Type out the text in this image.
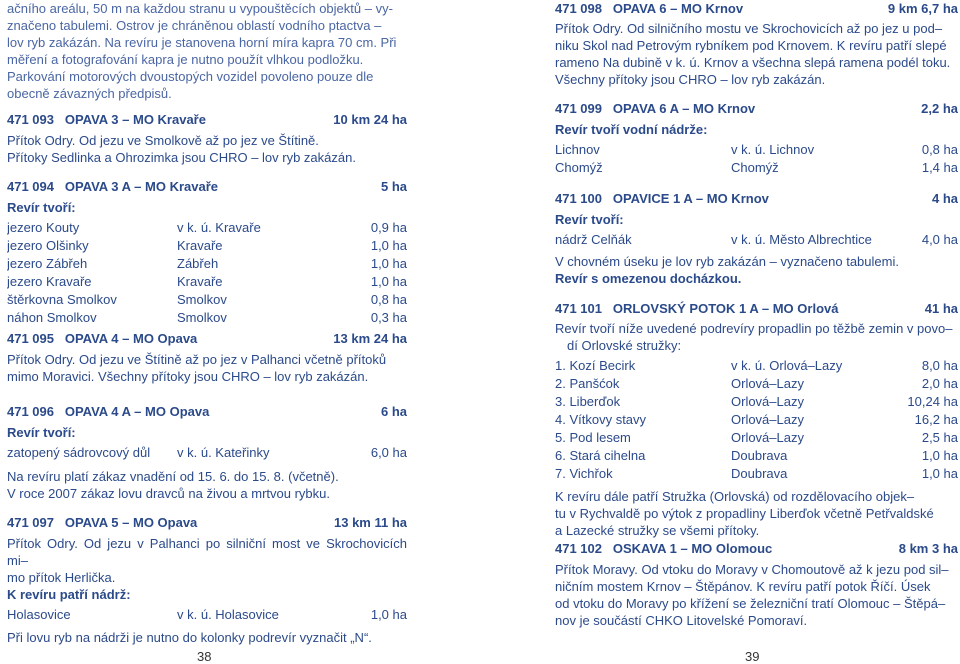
ačního areálu, 50 m na každou stranu u vypouštěcích objektů – vy-

značeno tabulemi. Ostrov je chráněnou oblastí vodního ptactva –

lov ryb zakázán. Na revíru je stanovena horní míra kapra 70 cm. Při

měření a fotografování kapra je nutno použít vlhkou podložku.

Parkování motorových dvoustopých vozidel povoleno pouze dle

obecně závazných předpisů.

471 093 OPAVA 3 – MO Kravaře	10 km 24 ha

Přítok Odry. Od jezu ve Smolkově až po jez ve Štítině.

Přítoky Sedlinka a Ohrozimka jsou CHRO – lov ryb zakázán.

471 094 OPAVA 3 A – MO Kravaře	5 ha

Revír tvoří:

jezero Kouty	v k. ú. Kravaře	0,9 ha
jezero Olšinky	Kravaře	1,0 ha
jezero Zábřeh	Zábřeh	1,0 ha
jezero Kravaře	Kravaře	1,0 ha
štěrkovna Smolkov	Smolkov	0,8 ha
náhon Smolkov	Smolkov	0,3 ha
471 095 OPAVA 4 – MO Opava	13 km 24 ha

Přítok Odry. Od jezu ve Štítině až po jez v Palhanci včetně přítoků

mimo Moravici. Všechny přítoky jsou CHRO – lov ryb zakázán.

471 096 OPAVA 4 A – MO Opava	6 ha

Revír tvoří:

zatopený sádrovcový důl	v k. ú. Kateřinky	6,0 ha

Na revíru platí zákaz vnadění od 15. 6. do 15. 8. (včetně).

V roce 2007 zákaz lovu dravců na živou a mrtvou rybku.

471 097 OPAVA 5 – MO Opava	13 km 11 ha

Přítok Odry. Od jezu v Palhanci po silniční most ve Skrochovicích mi–

mo přítok Herlička.

K revíru patří nádrž:

Holasovice	v k. ú. Holasovice	1,0 ha

Při lovu ryb na nádrži je nutno do kolonky podrevír vyznačit „N“.

38
471 098 OPAVA 6 – MO Krnov	9 km 6,7 ha

Přítok Odry. Od silničního mostu ve Skrochovicích až po jez u pod–

niku Skol nad Petrovým rybníkem pod Krnovem. K revíru patří slepé

rameno Na dubině v k. ú. Krnov a všechna slepá ramena podél toku.

Všechny přítoky jsou CHRO – lov ryb zakázán.

471 099 OPAVA 6 A – MO Krnov	2,2 ha

Revír tvoří vodní nádrže:

Lichnov	v k. ú. Lichnov	0,8 ha
Chomýž	Chomýž	1,4 ha
471 100 OPAVICE 1 A – MO Krnov	4 ha

Revír tvoří:

nádrž Celňák	v k. ú. Město Albrechtice	4,0 ha

V chovném úseku je lov ryb zakázán – vyznačeno tabulemi.

Revír s omezenou docházkou.

471 101 ORLOVSKÝ POTOK 1 A – MO Orlová	41 ha

Revír tvoří níže uvedené podrevíry propadlin po těžbě zemin v povo–

dí Orlovské stružky:

1. Kozí Becirk	v k. ú. Orlová–Lazy	8,0 ha
2. Panšćok	Orlová–Lazy	2,0 ha
3. Liberďok	Orlová–Lazy	10,24 ha
4. Vítkovy stavy	Orlová–Lazy	16,2 ha
5. Pod lesem	Orlová–Lazy	2,5 ha
6. Stará cihelna	Doubrava	1,0 ha
7. Vichřok	Doubrava	1,0 ha

K revíru dále patří Stružka (Orlovská) od rozdělovacího objek–

tu v Rychvaldě po výtok z propadliny Liberďok včetně Petřvaldské

a Lazecké stružky se všemi přítoky.

471 102 OSKAVA 1 – MO Olomouc	8 km 3 ha

Přítok Moravy. Od vtoku do Moravy v Chomoutově až k jezu pod sil–

ničním mostem Krnov – Štěpánov. K revíru patří potok Říčí. Úsek

od vtoku do Moravy po křížení se železniční tratí Olomouc – Štěpá–

nov je součástí CHKO Litovelské Pomoraví.

39
